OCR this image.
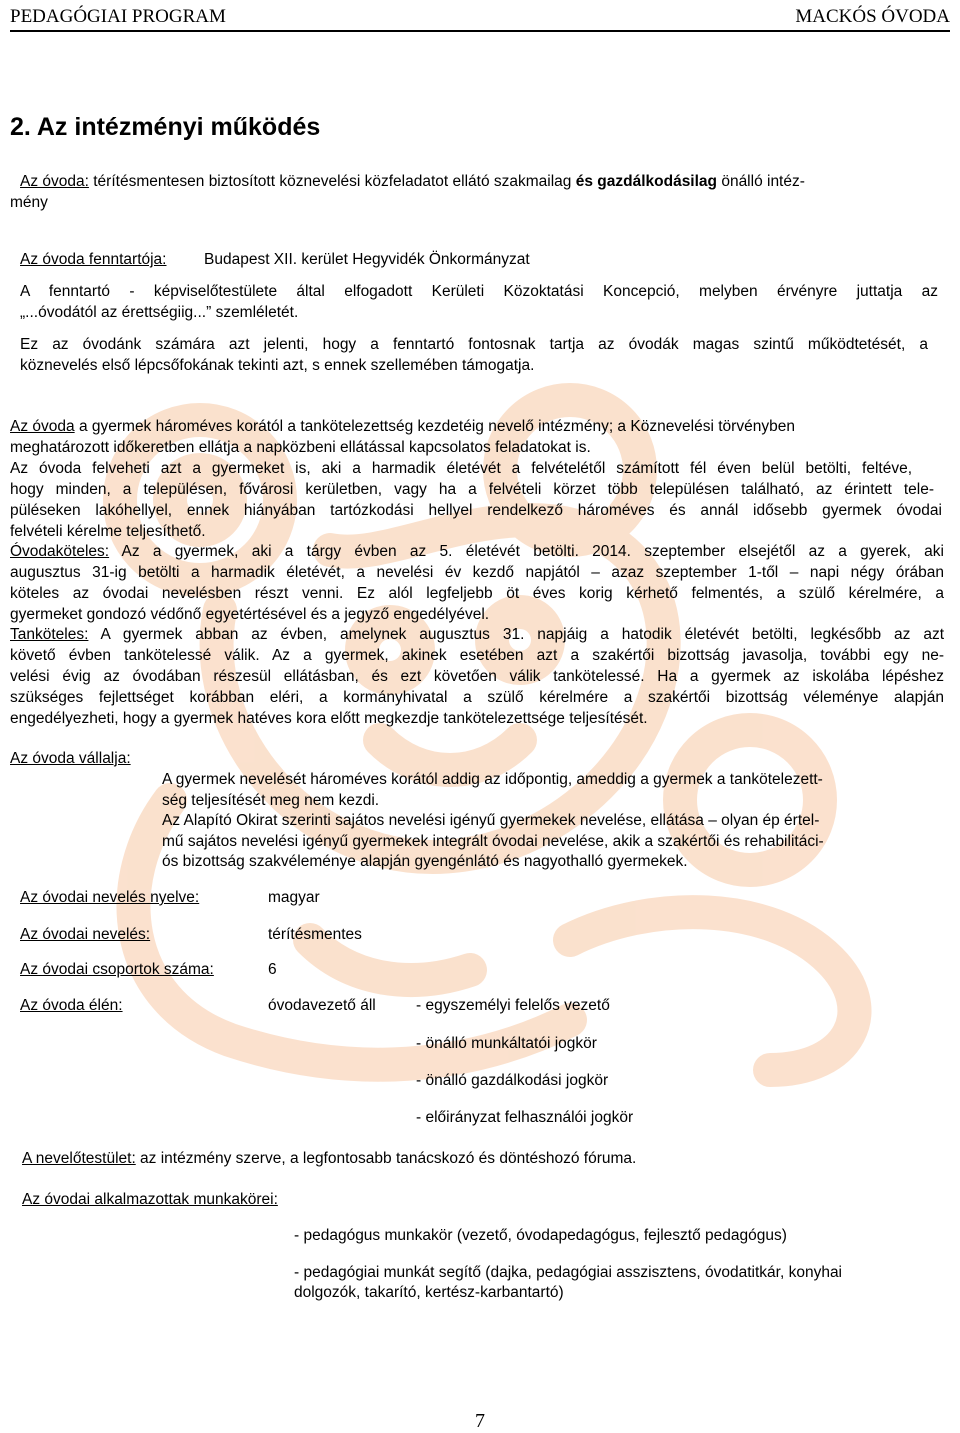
PEDAGÓGIAI PROGRAM	MACKÓS ÓVODA
2. Az intézményi működés
Az óvoda: térítésmentesen biztosított köznevelési közfeladatot ellátó szakmailag és gazdálkodásilag önálló intéz-
mény
Az óvoda fenntartója: Budapest XII. kerület Hegyvidék Önkormányzat
A fenntartó - képviselőtestülete által elfogadott Kerületi Közoktatási Koncepció, melyben érvényre juttatja az
„...óvodától az érettségiig...” szemléletét.
Ez az óvodánk számára azt jelenti, hogy a fenntartó fontosnak tartja az óvodák magas szintű működtetését, a
köznevelés első lépcsőfokának tekinti azt, s ennek szellemében támogatja.
Az óvoda a gyermek hároméves korától a tankötelezettség kezdetéig nevelő intézmény; a Köznevelési törvényben
meghatározott időkeretben ellátja a napközbeni ellátással kapcsolatos feladatokat is.
Az óvoda felveheti azt a gyermeket is, aki a harmadik életévét a felvételétől számított fél éven belül betölti, feltéve,
hogy minden, a településen, fővárosi kerületben, vagy ha a felvételi körzet több településen található, az érintett tele-
püléseken lakóhellyel, ennek hiányában tartózkodási hellyel rendelkező hároméves és annál idősebb gyermek óvodai
felvételi kérelme teljesíthető.
Óvodaköteles: Az a gyermek, aki a tárgy évben az 5. életévét betölti. 2014. szeptember elsejétől az a gyerek, aki
augusztus 31-ig betölti a harmadik életévét, a nevelési év kezdő napjától – azaz szeptember 1-től – napi négy órában
köteles az óvodai nevelésben részt venni. Ez alól legfeljebb öt éves korig kérhető felmentés, a szülő kérelmére, a
gyermeket gondozó védőnő egyetértésével és a jegyző engedélyével.
Tanköteles: A gyermek abban az évben, amelynek augusztus 31. napjáig a hatodik életévét betölti, legkésőbb az azt
követő évben tankötelessé válik. Az a gyermek, akinek esetében azt a szakértői bizottság javasolja, további egy ne-
velési évig az óvodában részesül ellátásban, és ezt követően válik tankötelessé. Ha a gyermek az iskolába lépéshez
szükséges fejlettséget korábban eléri, a kormányhivatal a szülő kérelmére a szakértői bizottság véleménye alapján
engedélyezheti, hogy a gyermek hatéves kora előtt megkezdje tankötelezettsége teljesítését.
Az óvoda vállalja:
A gyermek nevelését hároméves korától addig az időpontig, ameddig a gyermek a tankötelezett-
ség teljesítését meg nem kezdi.
Az Alapító Okirat szerinti sajátos nevelési igényű gyermekek nevelése, ellátása – olyan ép értel-
mű sajátos nevelési igényű gyermekek integrált óvodai nevelése, akik a szakértői és rehabilitáci-
ós bizottság szakvéleménye alapján gyengénlátó és nagyothalló gyermekek.
Az óvodai nevelés nyelve:	magyar
Az óvodai nevelés:	térítésmentes
Az óvodai csoportok száma:	6
Az óvoda élén:	óvodavezető áll	- egyszemélyi felelős vezető
- önálló munkáltatói jogkör
- önálló gazdálkodási jogkör
- előirányzat felhasználói jogkör
A nevelőtestület: az intézmény szerve, a legfontosabb tanácskozó és döntéshozó fóruma.
Az óvodai alkalmazottak munkakörei:
- pedagógus munkakör (vezető, óvodapedagógus, fejlesztő pedagógus)
- pedagógiai munkát segítő (dajka, pedagógiai asszisztens, óvodatitkár, konyhai
dolgozók, takarító, kertész-karbantartó)
7
